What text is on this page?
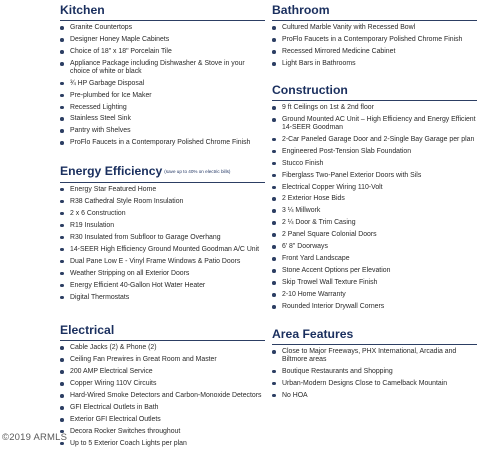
Kitchen
Granite Countertops
Designer Honey Maple Cabinets
Choice of 18" x 18" Porcelain Tile
Appliance Package including Dishwasher & Stove in your choice of white or black
¾ HP Garbage Disposal
Pre-plumbed for Ice Maker
Recessed Lighting
Stainless Steel Sink
Pantry with Shelves
ProFlo Faucets in a Contemporary Polished Chrome Finish
Energy Efficiency (save up to 40% on electric bills)
Energy Star Featured Home
R38 Cathedral Style Room Insulation
2 x 6 Construction
R19 Insulation
R30 Insulated from Subfloor to Garage Overhang
14-SEER High Efficiency Ground Mounted Goodman A/C Unit
Dual Pane Low E - Vinyl Frame Windows & Patio Doors
Weather Stripping on all Exterior Doors
Energy Efficient 40-Gallon Hot Water Heater
Digital Thermostats
Electrical
Cable Jacks (2) & Phone (2)
Ceiling Fan Prewires in Great Room and Master
200 AMP Electrical Service
Copper Wiring 110V Circuits
Hard-Wired Smoke Detectors and Carbon-Monoxide Detectors
GFI Electrical Outlets in Bath
Exterior GFI Electrical Outlets
Decora Rocker Switches throughout
Up to 5 Exterior Coach Lights per plan
Bathroom
Cultured Marble Vanity with Recessed Bowl
ProFlo Faucets in a Contemporary Polished Chrome Finish
Recessed Mirrored Medicine Cabinet
Light Bars in Bathrooms
Construction
9 ft Ceilings on 1st & 2nd floor
Ground Mounted AC Unit – High Efficiency and Energy Efficient 14-SEER Goodman
2-Car Paneled Garage Door and 2-Single Bay Garage per plan
Engineered Post-Tension Slab Foundation
Stucco Finish
Fiberglass Two-Panel Exterior Doors with Sils
Electrical Copper Wiring 110-Volt
2 Exterior Hose Bids
3 ¼ Millwork
2 ¼ Door & Trim Casing
2 Panel Square Colonial Doors
6' 8" Doorways
Front Yard Landscape
Stone Accent Options per Elevation
Skip Trowel Wall Texture Finish
2-10 Home Warranty
Rounded Interior Drywall Corners
Area Features
Close to Major Freeways, PHX International, Arcadia and Biltmore areas
Boutique Restaurants and Shopping
Urban-Modern Designs Close to Camelback Mountain
No HOA
©2019 ARMLS
